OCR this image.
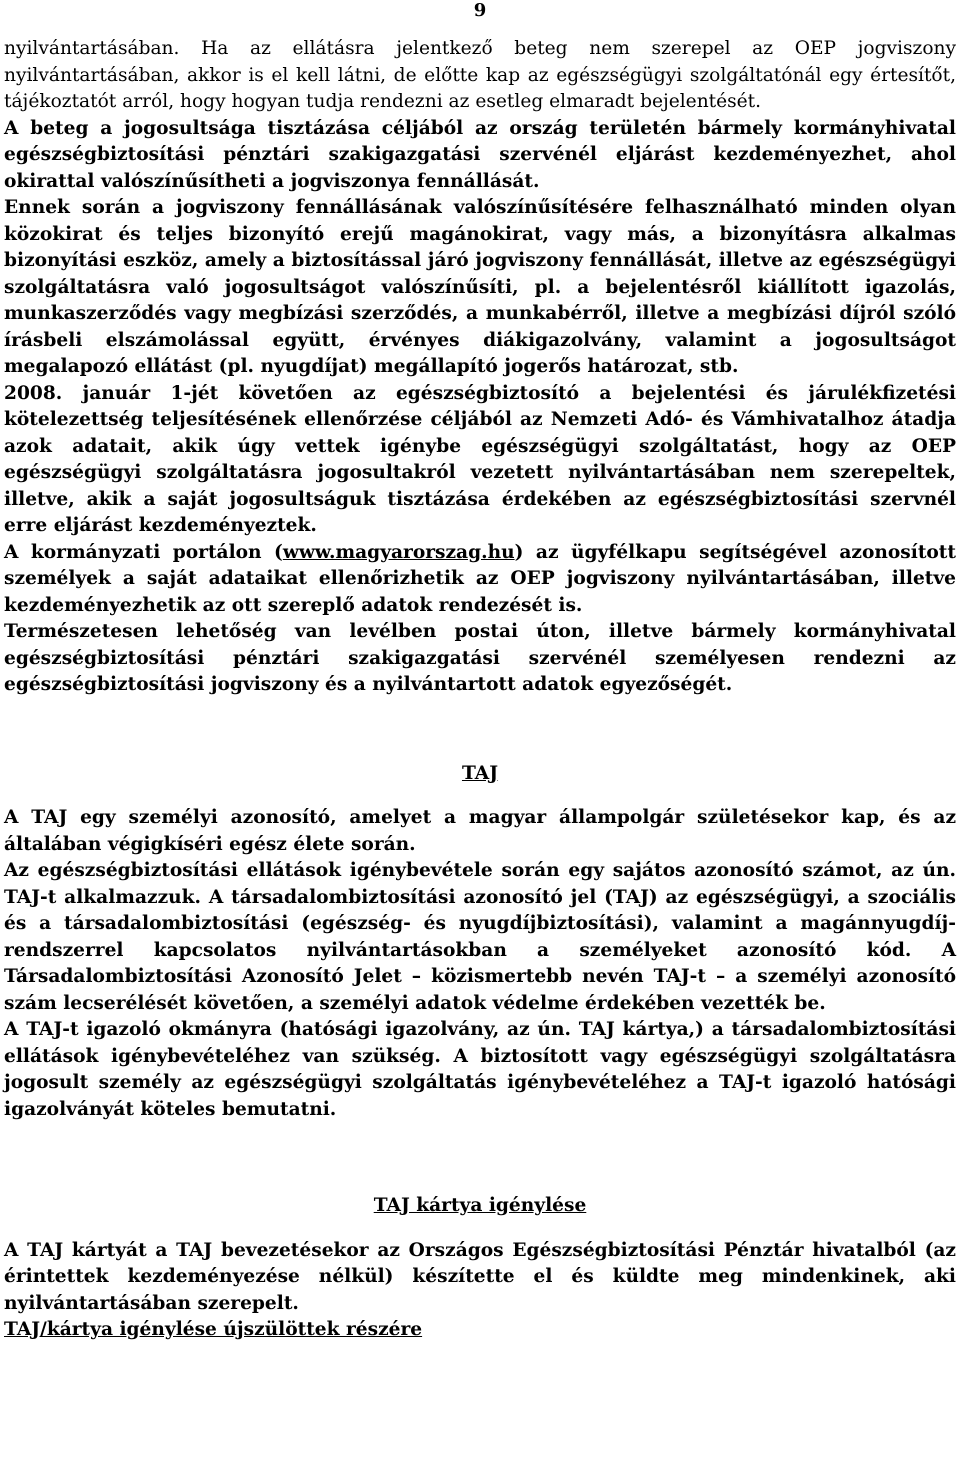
9

nyilvántartásában. Ha az ellátásra jelentkező beteg nem szerepel az OEP jogviszony nyilvántartásában, akkor is el kell látni, de előtte kap az egészségügyi szolgáltatónál egy értesítőt, tájékoztatót arról, hogy hogyan tudja rendezni az esetleg elmaradt bejelentését.

A beteg a jogosultsága tisztázása céljából az ország területén bármely kormányhivatal egészségbiztosítási pénztári szakigazgatási szervénél eljárást kezdeményezhet, ahol okirattal valószínűsítheti a jogviszonya fennállását.

Ennek során a jogviszony fennállásának valószínűsítésére felhasználható minden olyan közokirat és teljes bizonyító erejű magánokirat, vagy más, a bizonyításra alkalmas bizonyítási eszköz, amely a biztosítással járó jogviszony fennállását, illetve az egészségügyi szolgáltatásra való jogosultságot valószínűsíti, pl. a bejelentésről kiállított igazolás, munkaszerződés vagy megbízási szerződés, a munkabérről, illetve a megbízási díjról szóló írásbeli elszámolással együtt, érvényes diákigazolvány, valamint a jogosultságot megalapozó ellátást (pl. nyugdíjat) megállapító jogerős határozat, stb.

2008. január 1-jét követően az egészségbiztosító a bejelentési és járulékfizetési kötelezettség teljesítésének ellenőrzése céljából az Nemzeti Adó- és Vámhivatalhoz átadja azok adatait, akik úgy vettek igénybe egészségügyi szolgáltatást, hogy az OEP egészségügyi szolgáltatásra jogosultakról vezetett nyilvántartásában nem szerepeltek, illetve, akik a saját jogosultságuk tisztázása érdekében az egészségbiztosítási szervnél erre eljárást kezdeményeztek.

A kormányzati portálon (www.magyarorszag.hu) az ügyfélkapu segítségével azonosított személyek a saját adataikat ellenőrizhetik az OEP jogviszony nyilvántartásában, illetve kezdeményezhetik az ott szereplő adatok rendezését is.

Természetesen lehetőség van levélben postai úton, illetve bármely kormányhivatal egészségbiztosítási pénztári szakigazgatási szervénél személyesen rendezni az egészségbiztosítási jogviszony és a nyilvántartott adatok egyezőségét.

TAJ

A TAJ egy személyi azonosító, amelyet a magyar állampolgár születésekor kap, és az általában végigkíséri egész élete során.

Az egészségbiztosítási ellátások igénybevétele során egy sajátos azonosító számot, az ún. TAJ-t alkalmazzuk. A társadalombiztosítási azonosító jel (TAJ) az egészségügyi, a szociális és a társadalombiztosítási (egészség- és nyugdíjbiztosítási), valamint a magánnyugdíj-rendszerrel kapcsolatos nyilvántartásokban a személyeket azonosító kód. A Társadalombiztosítási Azonosító Jelet – közismertebb nevén TAJ-t – a személyi azonosító szám lecserélését követően, a személyi adatok védelme érdekében vezették be.

A TAJ-t igazoló okmányra (hatósági igazolvány, az ún. TAJ kártya,) a társadalombiztosítási ellátások igénybevételéhez van szükség. A biztosított vagy egészségügyi szolgáltatásra jogosult személy az egészségügyi szolgáltatás igénybevételéhez a TAJ-t igazoló hatósági igazolványát köteles bemutatni.

TAJ kártya igénylése

A TAJ kártyát a TAJ bevezetésekor az Országos Egészségbiztosítási Pénztár hivatalból (az érintettek kezdeményezése nélkül) készítette el és küldte meg mindenkinek, aki nyilvántartásában szerepelt.

TAJ/kártya igénylése újszülöttek részére
